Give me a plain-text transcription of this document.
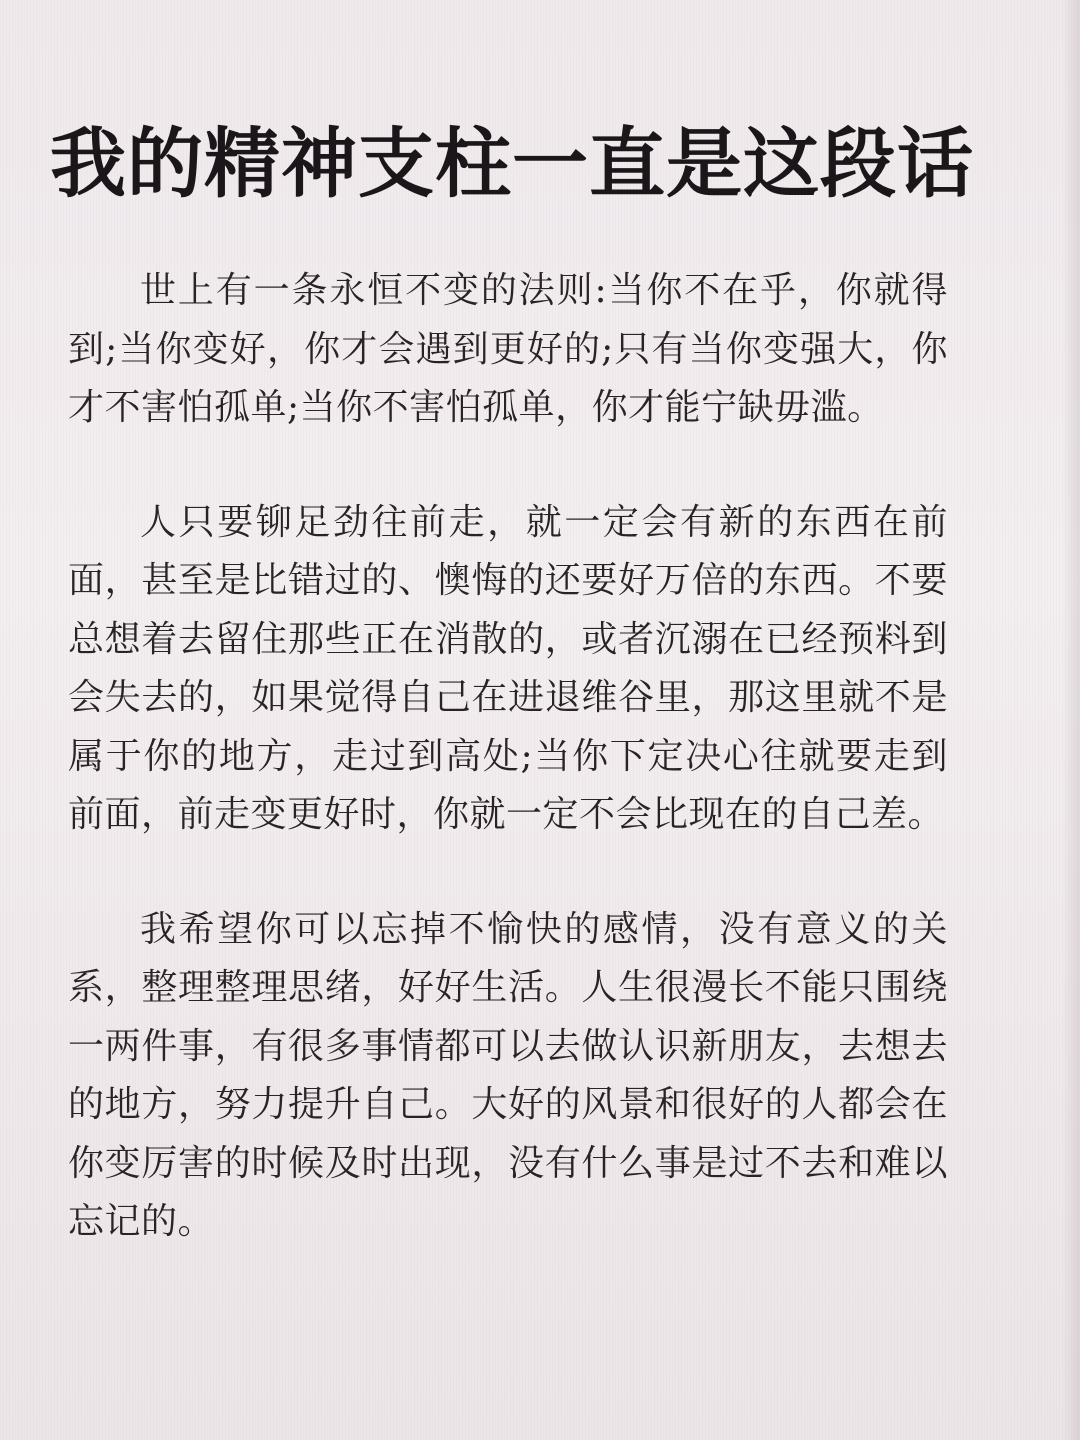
我的精神支柱一直是这段话

世上有一条永恒不变的法则:当你不在乎，你就得到;当你变好，你才会遇到更好的;只有当你变强大，你才不害怕孤单;当你不害怕孤单，你才能宁缺毋滥。

人只要铆足劲往前走，就一定会有新的东西在前面，甚至是比错过的、懊悔的还要好万倍的东西。不要总想着去留住那些正在消散的，或者沉溺在已经预料到会失去的，如果觉得自己在进退维谷里，那这里就不是属于你的地方，走过到高处;当你下定决心往就要走到前面，前走变更好时，你就一定不会比现在的自己差。

我希望你可以忘掉不愉快的感情，没有意义的关系，整理整理思绪，好好生活。人生很漫长不能只围绕一两件事，有很多事情都可以去做认识新朋友，去想去的地方，努力提升自己。大好的风景和很好的人都会在你变厉害的时候及时出现，没有什么事是过不去和难以忘记的。
